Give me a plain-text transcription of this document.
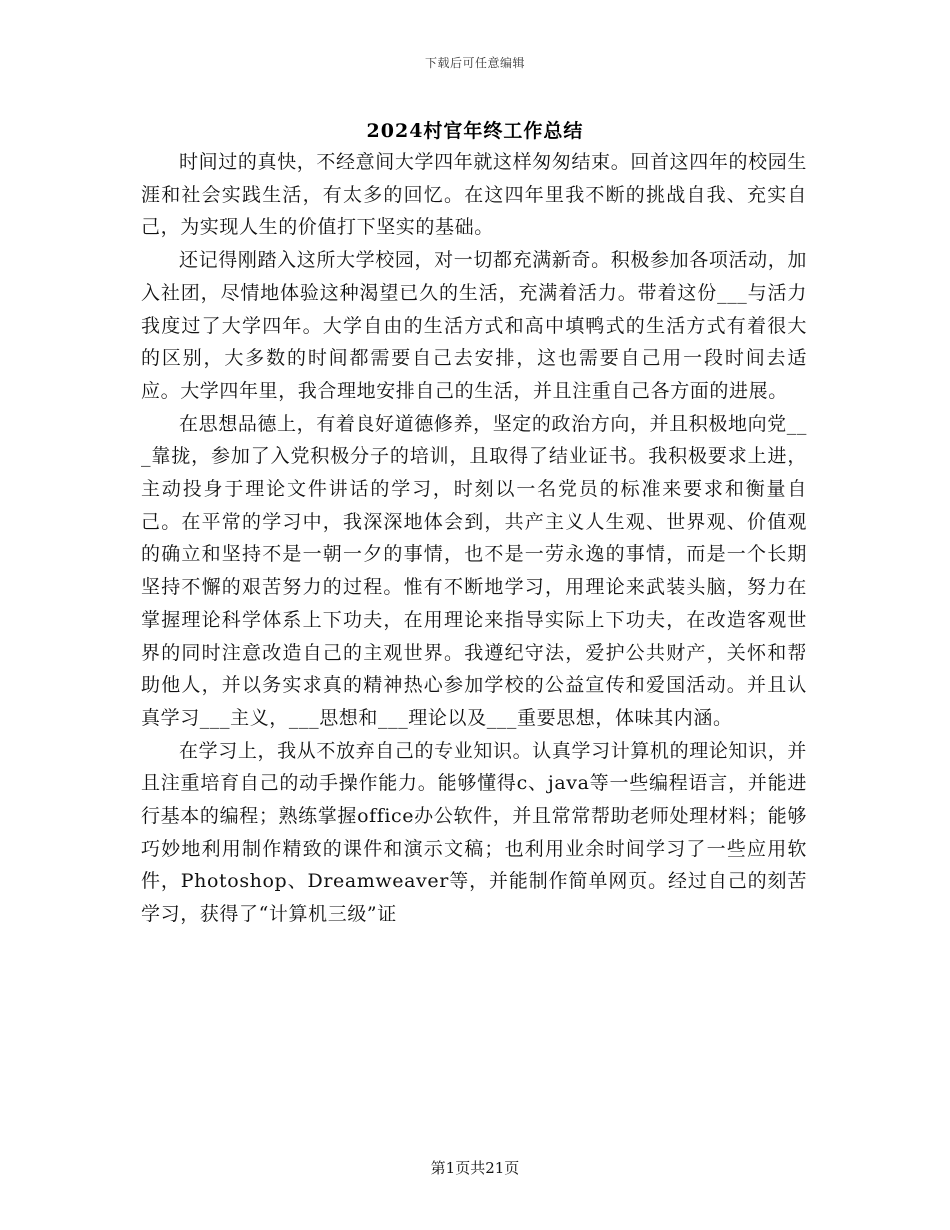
下载后可任意编辑
2024村官年终工作总结

时间过的真快，不经意间大学四年就这样匆匆结束。回首这四年的校园生涯和社会实践生活，有太多的回忆。在这四年里我不断的挑战自我、充实自己，为实现人生的价值打下坚实的基础。

还记得刚踏入这所大学校园，对一切都充满新奇。积极参加各项活动，加入社团，尽情地体验这种渴望已久的生活，充满着活力。带着这份___与活力我度过了大学四年。大学自由的生活方式和高中填鸭式的生活方式有着很大的区别，大多数的时间都需要自己去安排，这也需要自己用一段时间去适应。大学四年里，我合理地安排自己的生活，并且注重自己各方面的进展。

在思想品德上，有着良好道德修养，坚定的政治方向，并且积极地向党___靠拢，参加了入党积极分子的培训，且取得了结业证书。我积极要求上进，主动投身于理论文件讲话的学习，时刻以一名党员的标准来要求和衡量自己。在平常的学习中，我深深地体会到，共产主义人生观、世界观、价值观的确立和坚持不是一朝一夕的事情，也不是一劳永逸的事情，而是一个长期坚持不懈的艰苦努力的过程。惟有不断地学习，用理论来武装头脑，努力在掌握理论科学体系上下功夫，在用理论来指导实际上下功夫，在改造客观世界的同时注意改造自己的主观世界。我遵纪守法，爱护公共财产，关怀和帮助他人，并以务实求真的精神热心参加学校的公益宣传和爱国活动。并且认真学习___主义，___思想和___理论以及___重要思想，体味其内涵。

在学习上，我从不放弃自己的专业知识。认真学习计算机的理论知识，并且注重培育自己的动手操作能力。能够懂得c、java等一些编程语言，并能进行基本的编程；熟练掌握office办公软件，并且常常帮助老师处理材料；能够巧妙地利用制作精致的课件和演示文稿；也利用业余时间学习了一些应用软件，Photoshop、Dreamweaver等，并能制作简单网页。经过自己的刻苦学习，获得了“计算机三级”证

第1页共21页
